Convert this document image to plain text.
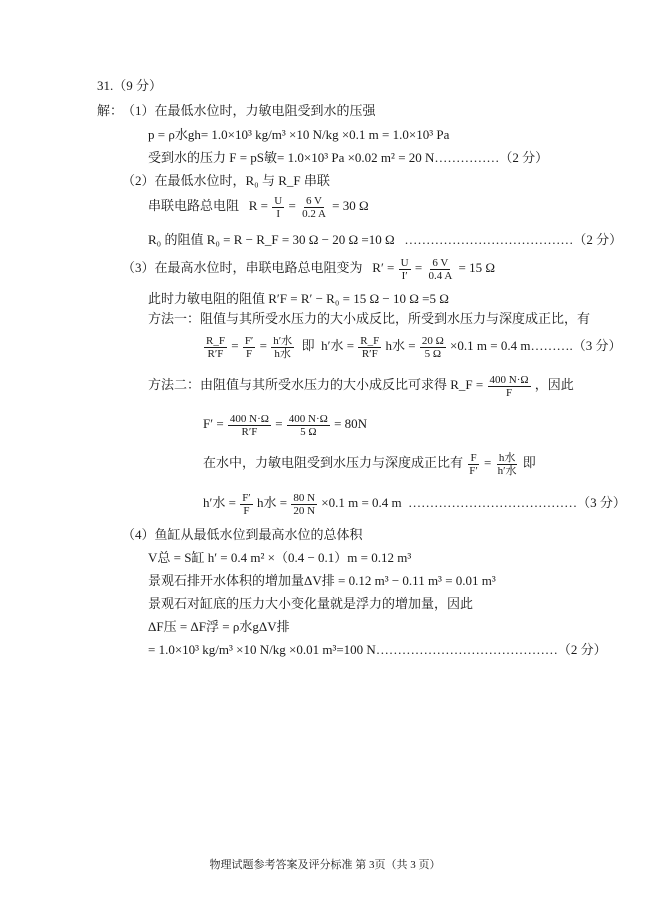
31.（9 分）
解：
（1）在最低水位时，力敏电阻受到水的压强
p = ρ水gh= 1.0×10³ kg/m³ ×10 N/kg ×0.1 m = 1.0×10³ Pa
受到水的压力 F = pS敏= 1.0×10³ Pa ×0.02 m² = 20 N……………（2 分）
（2）在最低水位时，R₀ 与 R_F 串联
串联电路总电阻 $R = \frac{U}{I} = \frac{6 V}{0.2 A} = 30$ Ω
R₀ 的阻值 R₀ = R − R_F = 30 Ω − 20 Ω =10 Ω …………………………………（2 分）
（3）在最高水位时，串联电路总电阻变为 $R' = \frac{U}{I'} = \frac{6 V}{0.4 A} = 15$ Ω
此时力敏电阻的阻值 R′F = R′ − R₀ = 15 Ω − 10 Ω =5 Ω
方法一：阻值与其所受水压力的大小成反比，所受到水压力与深度成正比，有
$\frac{R\_F}{R'F} = \frac{F'}{F} = \frac{\text{h′水}}{\text{h水}}$ 即 h′水 = $\frac{R\_F}{R'F}$ h水 = $\frac{20 \Omega}{5 \Omega} \times 0.1$ m = 0.4 m……….（3 分）
方法二：由阻值与其所受水压力的大小成反比可求得 R_F = $\frac{400 N\cdot\Omega}{F}$ ，因此
$F' = \frac{400 N\cdot\Omega}{R'F} = \frac{400 N\cdot\Omega}{5 \Omega} = 80N$
在水中，力敏电阻受到水压力与深度成正比有 $\frac{F}{F'} = \frac{\text{h水}}{\text{h′水}}$ 即
h′水 = $\frac{F'}{F}$ h水 = $\frac{80 N}{20 N} \times 0.1$ m = 0.4 m …………………………………（3 分）
（4）鱼缸从最低水位到最高水位的总体积
V总 = S缸 h′ = 0.4 m² ×（0.4 − 0.1）m = 0.12 m³
景观石排开水体积的增加量ΔV排 = 0.12 m³ − 0.11 m³ = 0.01 m³
景观石对缸底的压力大小变化量就是浮力的增加量，因此
ΔF压 = ΔF浮 = ρ水gΔV排
= 1.0×10³ kg/m³ ×10 N/kg ×0.01 m³=100 N……………………………………（2 分）
物理试题参考答案及评分标准 第 3页（共 3 页）
